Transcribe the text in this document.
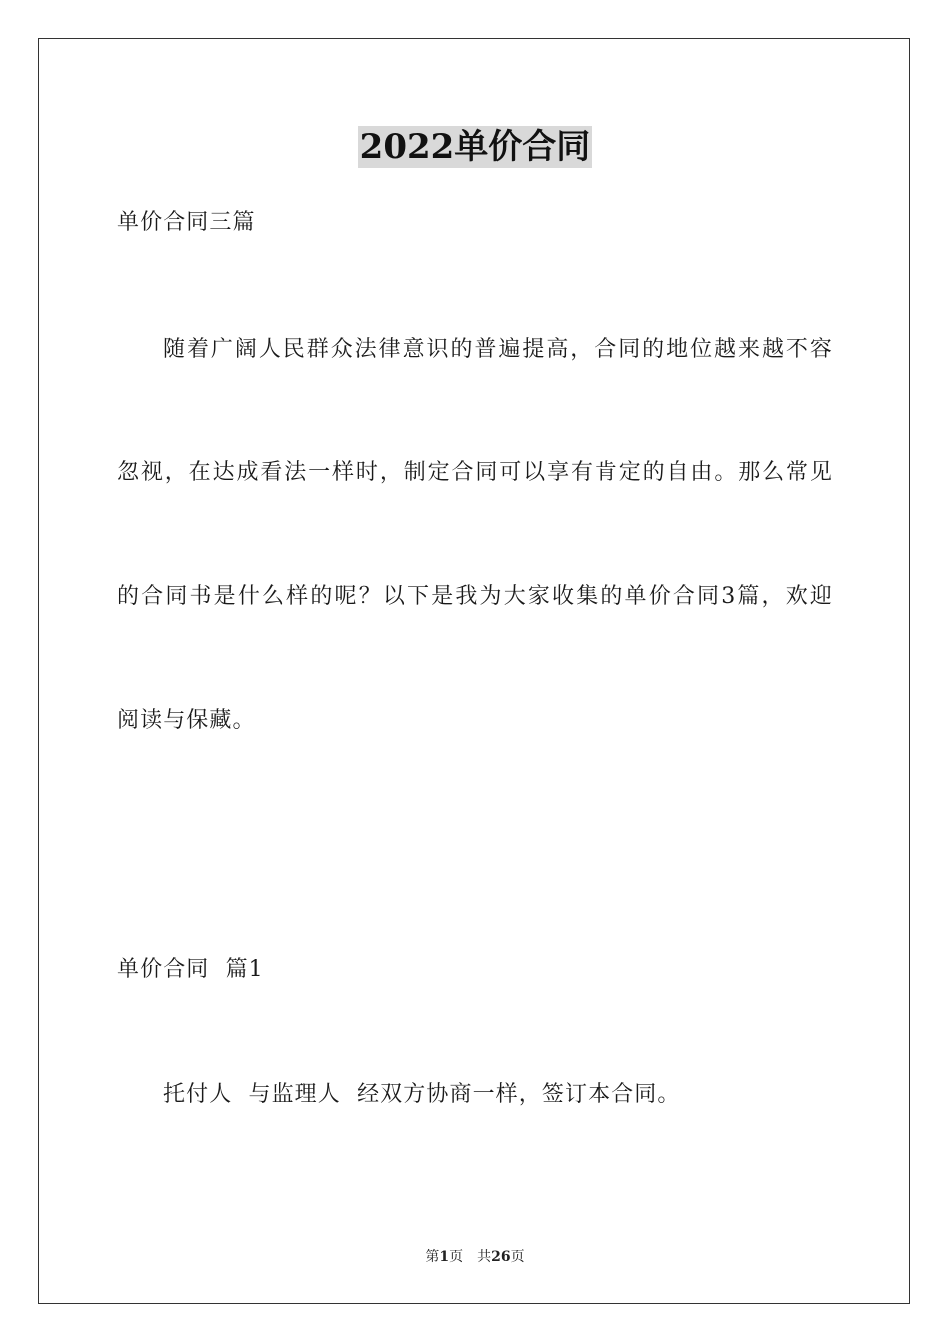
2022单价合同
单价合同三篇
随着广阔人民群众法律意识的普遍提高，合同的地位越来越不容
忽视，在达成看法一样时，制定合同可以享有肯定的自由。那么常见
的合同书是什么样的呢？以下是我为大家收集的单价合同3篇，欢迎
阅读与保藏。
单价合同  篇1
托付人  与监理人  经双方协商一样，签订本合同。
第1页 共26页
